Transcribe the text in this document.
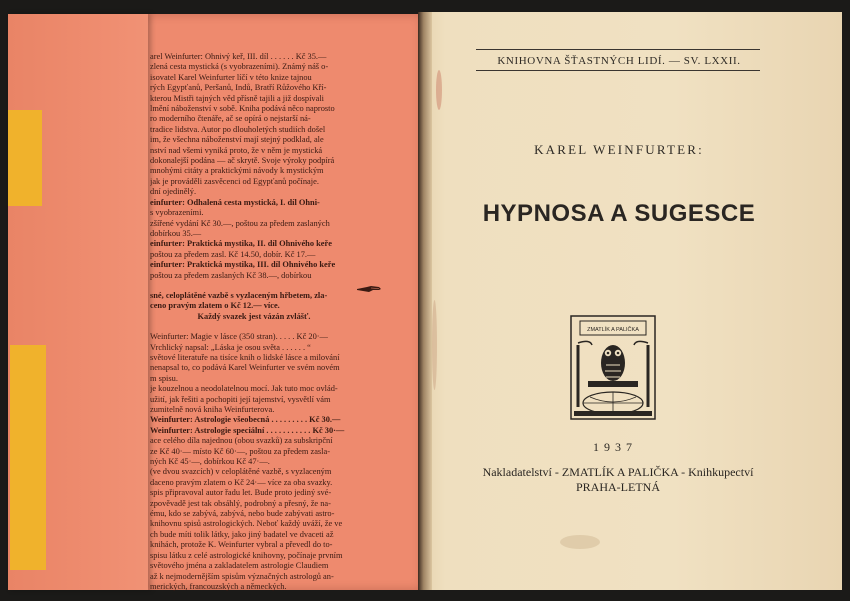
arel Weinfurter: Ohnivý keř, III. díl . . . . . . Kč 35.—
zlená cesta mystická (s vyobrazeními). Známý náš o-
isovatel Karel Weinfurter líčí v této knize tajnou
rých Egypťanů, Peršanů, Indů, Bratří Růžového Kří-
kterou Mistři tajných věd přísně tajili a již dospívali
lmění náboženství v sobě. Kniha podává něco naprosto
ro moderního čtenáře, ač se opírá o nejstarší ná-
tradice lidstva. Autor po dlouholetých studiích došel
im, že všechna náboženství mají stejný podklad, ale
nství nad všemi vyniká proto, že v něm je mystická
dokonalejší podána — ač skrytě. Svoje výroky podpírá
mnohými citáty a praktickými návody k mystickým
jak je prováděli zasvěcenci od Egypťanů počínaje.
dní ojedinělý.
einfurter: Odhalená cesta mystická, I. díl Ohni-
s vyobrazeními.
zšířené vydání Kč 30.—, poštou za předem zaslaných
dobírkou 35.—
einfurter: Praktická mystika, II. díl Ohnivého keře
poštou za předem zasl. Kč 14.50, dobír. Kč 17.—
einfurter: Praktická mystika, III. díl Ohnivého keře
poštou za předem zaslaných Kč 38.—, dobírkou
sné, celoplátěné vazbě s vyzlaceným hřbetem, zla-
ceno pravým zlatem o Kč 12.— více.
Každý svazek jest vázán zvlášť.
Weinfurter: Magie v lásce (350 stran). . . . . Kč 20·—
Vrchlický napsal: „Láska je osou světa . . . . . . “
světové literatuře na tisíce knih o lidské lásce a milování
nenapsal to, co podává Karel Weinfurter ve svém novém
m spisu.
je kouzelnou a neodolatelnou mocí. Jak tuto moc ovlád-
užití, jak řešiti a pochopiti její tajemství, vysvětlí vám
zumitelně nová kniha Weinfurterova.
Weinfurter: Astrologie všeobecná . . . . . . . . . Kč 30.—
Weinfurter: Astrologie speciální . . . . . . . . . . . Kč 30·—
ace celého díla najednou (obou svazků) za subskripční
ze Kč 40·— místo Kč 60·—, poštou za předem zasla-
ných Kč 45·—, dobírkou Kč 47·—.
(ve dvou svazcích) v celoplátěné vazbě, s vyzlaceným
daceno pravým zlatem o Kč 24·— více za oba svazky.
spis připravoval autor řadu let. Bude proto jediný své-
zpověvadě jest tak obsáhlý, podrobný a přesný, že na-
ému, kdo se zabývá, zabývá, nebo bude zabývati astro-
knihovnu spisů astrologických. Neboť každý uváží, že ve
ch bude míti tolik látky, jako jiný badatel ve dvaceti až
knihách, protože K. Weinfurter vybral a převedl do to-
spisu látku z celé astrologické knihovny, počínaje prvním
světového jména a zakladatelem astrologie Claudiem
až k nejmodernějším spisům význačných astrologů an-
merických, francouzských a německých.
KNIHOVNA ŠŤASTNÝCH LIDÍ. — SV. LXXII.
KAREL WEINFURTER:
HYPNOSA A SUGESCE
ZMATLÍK A PALIČKA
1937
Nakladatelství - ZMATLÍK A PALIČKA - Knihkupectví
PRAHA-LETNÁ
